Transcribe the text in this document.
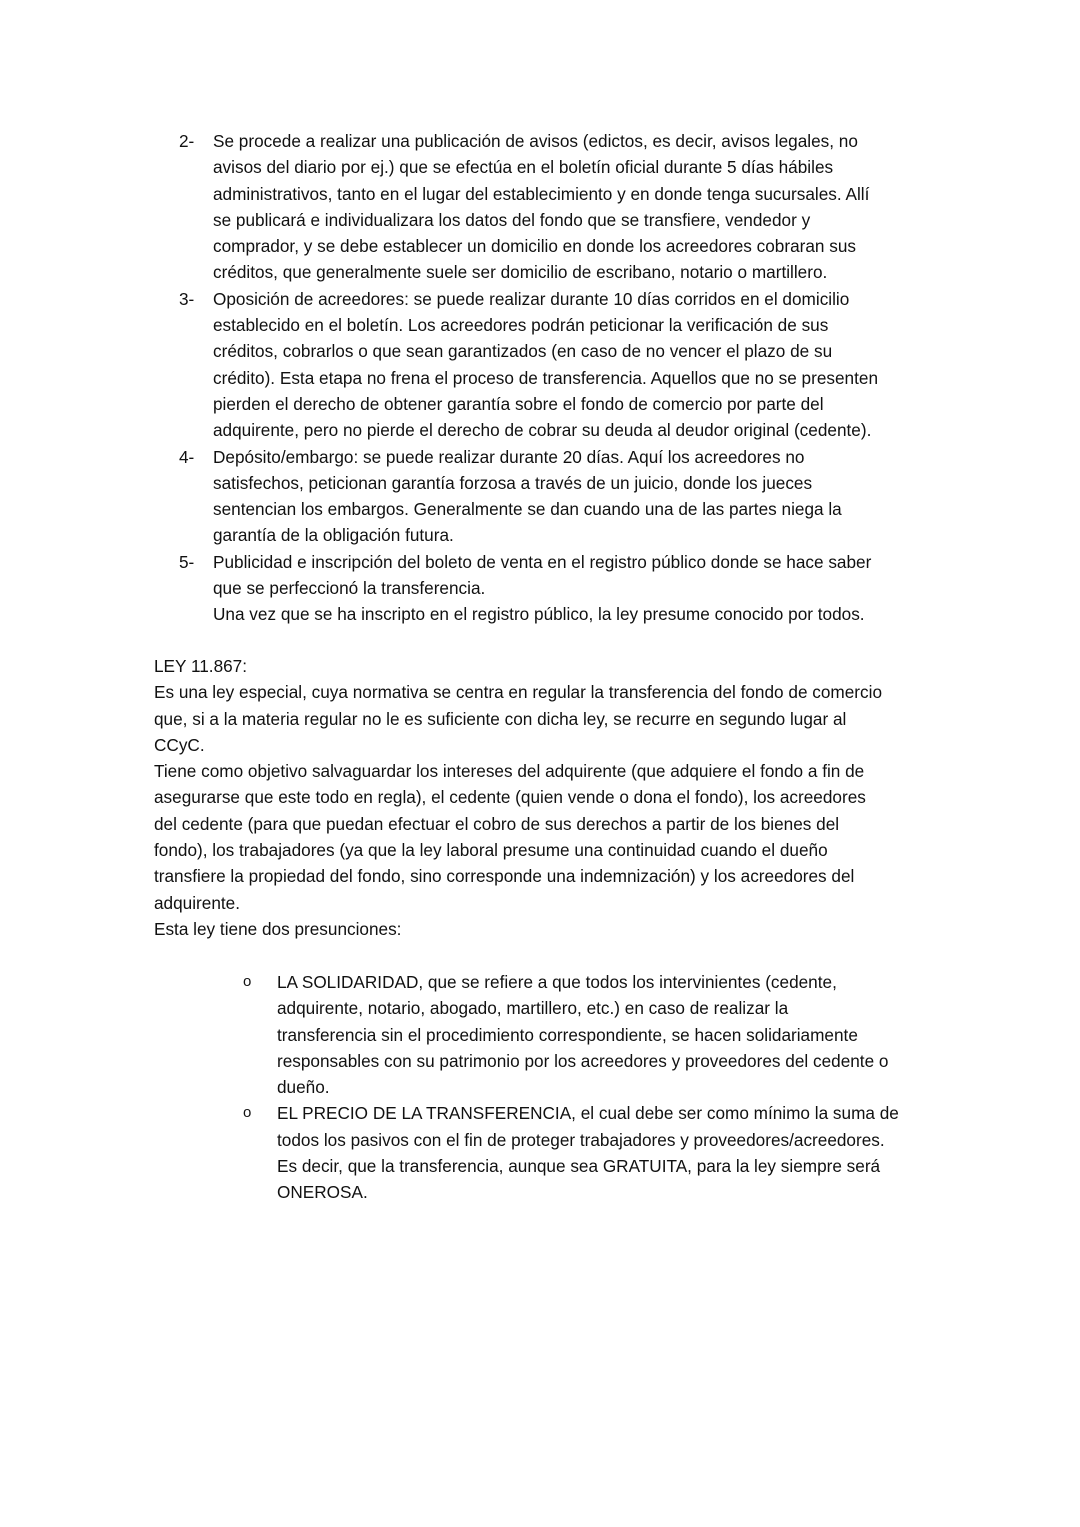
2- Se procede a realizar una publicación de avisos (edictos, es decir, avisos legales, no
avisos del diario por ej.) que se efectúa en el boletín oficial durante 5 días hábiles
administrativos, tanto en el lugar del establecimiento y en donde tenga sucursales. Allí
se publicará e individualizara los datos del fondo que se transfiere, vendedor y
comprador, y se debe establecer un domicilio en donde los acreedores cobraran sus
créditos, que generalmente suele ser domicilio de escribano, notario o martillero.
3- Oposición de acreedores: se puede realizar durante 10 días corridos en el domicilio
establecido en el boletín. Los acreedores podrán peticionar la verificación de sus
créditos, cobrarlos o que sean garantizados (en caso de no vencer el plazo de su
crédito). Esta etapa no frena el proceso de transferencia. Aquellos que no se presenten
pierden el derecho de obtener garantía sobre el fondo de comercio por parte del
adquirente, pero no pierde el derecho de cobrar su deuda al deudor original (cedente).
4- Depósito/embargo: se puede realizar durante 20 días. Aquí los acreedores no
satisfechos, peticionan garantía forzosa a través de un juicio, donde los jueces
sentencian los embargos. Generalmente se dan cuando una de las partes niega la
garantía de la obligación futura.
5- Publicidad e inscripción del boleto de venta en el registro público donde se hace saber
que se perfeccionó la transferencia.
Una vez que se ha inscripto en el registro público, la ley presume conocido por todos.
LEY 11.867:
Es una ley especial, cuya normativa se centra en regular la transferencia del fondo de comercio
que, si a la materia regular no le es suficiente con dicha ley, se recurre en segundo lugar al
CCyC.
Tiene como objetivo salvaguardar los intereses del adquirente (que adquiere el fondo a fin de
asegurarse que este todo en regla), el cedente (quien vende o dona el fondo), los acreedores
del cedente (para que puedan efectuar el cobro de sus derechos a partir de los bienes del
fondo), los trabajadores (ya que la ley laboral presume una continuidad cuando el dueño
transfiere la propiedad del fondo, sino corresponde una indemnización) y los acreedores del
adquirente.
Esta ley tiene dos presunciones:
o LA SOLIDARIDAD, que se refiere a que todos los intervinientes (cedente,
adquirente, notario, abogado, martillero, etc.) en caso de realizar la
transferencia sin el procedimiento correspondiente, se hacen solidariamente
responsables con su patrimonio por los acreedores y proveedores del cedente o
dueño.
o EL PRECIO DE LA TRANSFERENCIA, el cual debe ser como mínimo la suma de
todos los pasivos con el fin de proteger trabajadores y proveedores/acreedores.
Es decir, que la transferencia, aunque sea GRATUITA, para la ley siempre será
ONEROSA.
